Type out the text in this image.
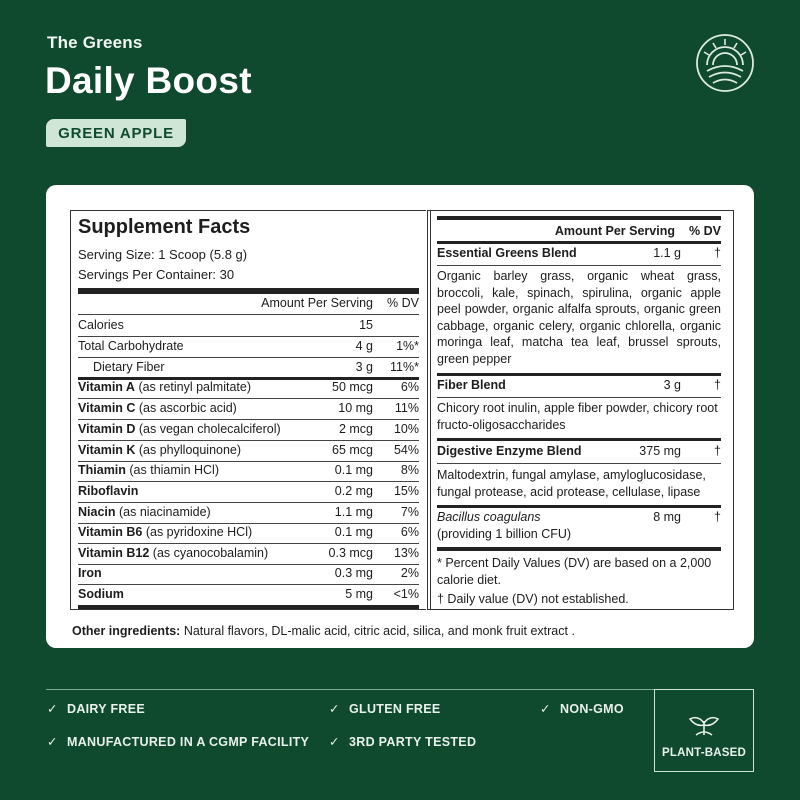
The Greens
Daily Boost
GREEN APPLE
Supplement Facts
Serving Size: 1 Scoop (5.8 g)
Servings Per Container: 30
Amount Per Serving % DV
Calories	15
Total Carbohydrate	4 g 1%*
Dietary Fiber	3 g 11%*
Vitamin A (as retinyl palmitate)	50 mcg 6%
Vitamin C (as ascorbic acid)	10 mg 11%
Vitamin D (as vegan cholecalciferol)	2 mcg 10%
Vitamin K (as phylloquinone)	65 mcg 54%
Thiamin (as thiamin HCl)	0.1 mg 8%
Riboflavin	0.2 mg 15%
Niacin (as niacinamide)	1.1 mg 7%
Vitamin B6 (as pyridoxine HCl)	0.1 mg 6%
Vitamin B12 (as cyanocobalamin)	0.3 mcg 13%
Iron	0.3 mg 2%
Sodium	5 mg <1%
Amount Per Serving % DV
Essential Greens Blend	1.1 g	†
Organic barley grass, organic wheat grass, broccoli, kale, spinach, spirulina, organic apple peel powder, organic alfalfa sprouts, organic green cabbage, organic celery, organic chlorella, organic moringa leaf, matcha tea leaf, brussel sprouts, green pepper
Fiber Blend	3 g	†
Chicory root inulin, apple fiber powder, chicory root fructo-oligosaccharides
Digestive Enzyme Blend	375 mg	†
Maltodextrin, fungal amylase, amyloglucosidase, fungal protease, acid protease, cellulase, lipase
Bacillus coagulans	8 mg	†
(providing 1 billion CFU)
* Percent Daily Values (DV) are based on a 2,000 calorie diet.
† Daily value (DV) not established.
Other ingredients: Natural flavors, DL-malic acid, citric acid, silica, and monk fruit extract .
✓ DAIRY FREE	✓ GLUTEN FREE	✓ NON-GMO
✓ MANUFACTURED IN A CGMP FACILITY ✓ 3RD PARTY TESTED
PLANT-BASED
